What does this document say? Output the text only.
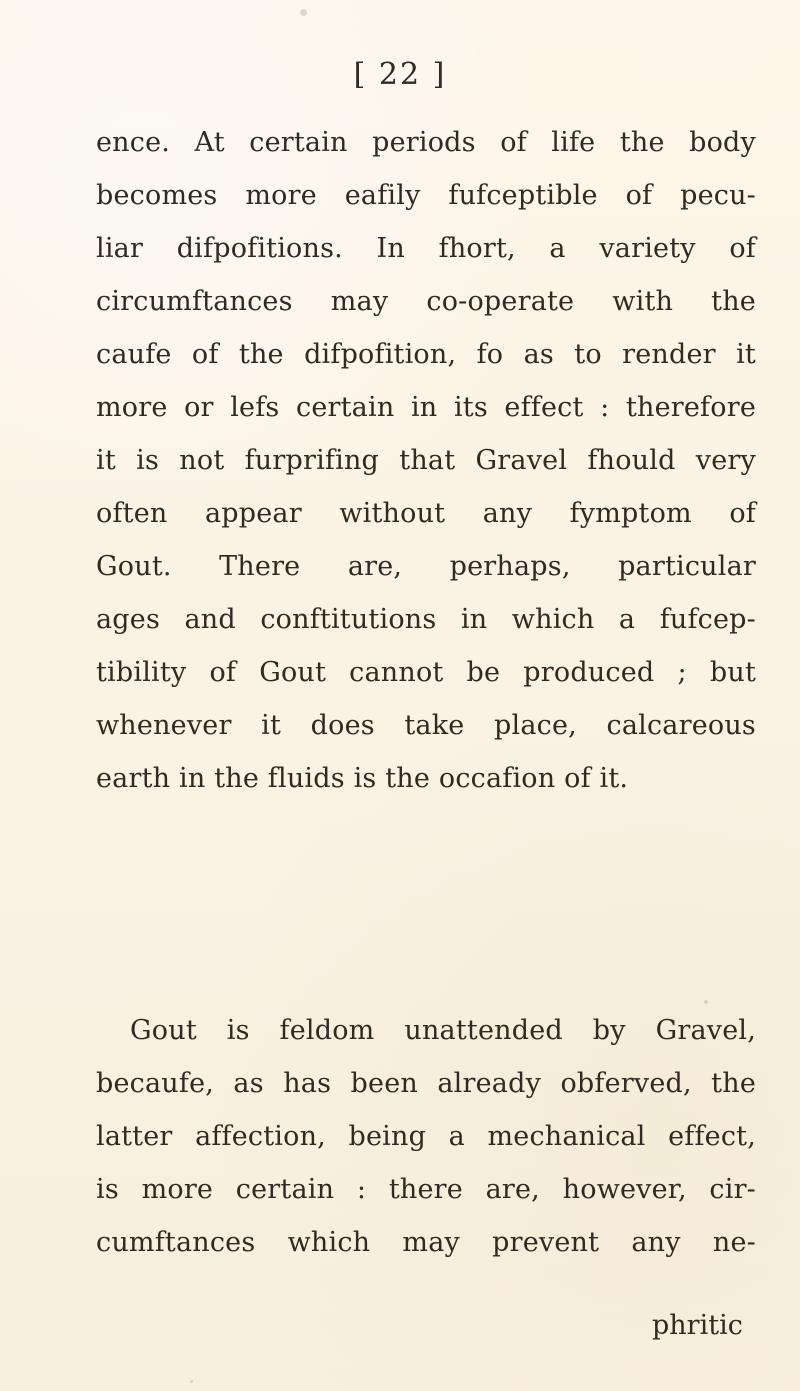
[ 22 ]
ence. At certain periods of life the body
becomes more eafily fufceptible of pecu-
liar difpofitions. In fhort, a variety of
circumftances may co-operate with the
caufe of the difpofition, fo as to render it
more or lefs certain in its effect : therefore
it is not furprifing that Gravel fhould very
often appear without any fymptom of
Gout. There are, perhaps, particular
ages and conftitutions in which a fufcep-
tibility of Gout cannot be produced ; but
whenever it does take place, calcareous
earth in the fluids is the occafion of it.
Gout is feldom unattended by Gravel,
becaufe, as has been already obferved, the
latter affection, being a mechanical effect,
is more certain : there are, however, cir-
cumftances which may prevent any ne-
phritic
